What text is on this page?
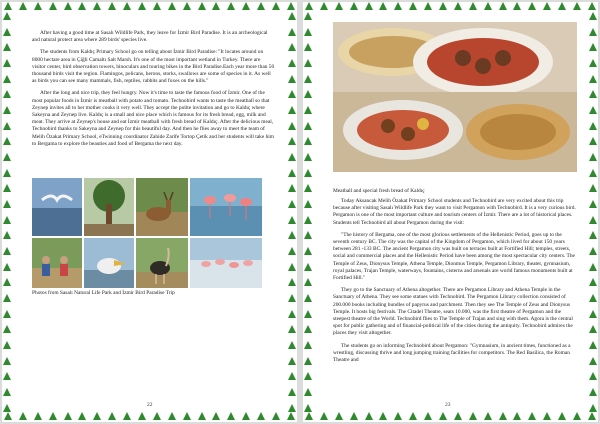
After having a good time at Sasalı Wildlife Park, they leave for İzmir Bird Paradise. It is an archeological and natural protect area where 289 birds' species live.

The students from Kaldıç Primary School go on telling about İzmir Bird Paradise: "It locates around on 8000 hectare area in Çiğli Camaltı Salt Marsh. It's one of the most important wetland in Turkey. There are visitor center, bird observation towers, binoculars and touring bikes in the Bird Paradise.Each year more than 50 thousand birds visit the region. Flamingos, pelicans, herons, storks, swallows are some of species in it. As well as birds you can see many mammals, fish, reptiles, rabbits and foxes on the hills."

After the long and nice trip, they feel hungry. Now it's time to taste the famous food of İzmir. One of the most popular foods in İzmir is meatball with potato and tomato. Technobird wants to taste the meatball so that Zeynep invites all to her mother cooks it very well. They accept the polite invitation and go to Kaldıç where Sakeyna and Zeynep live. Kaldıç is a small and nice place which is famous for its fresh bread, egg, milk and meat. They arrive at Zeynep's house and eat İzmir meatball with fresh bread of Kaldıç. After the delicious meal, Technobird thanks to Sakeyna and Zeynep for this beautiful day. And then he flies away to meet the team of Melih Özakat Primary School, eTwinning coordinator Zahide Zarife Tortop Çetik and her students will take him to Bergama to explore the beauties and food of Bergama the next day.

Photos from Sasalı Natural Life Park and İzmir Bird Paradise Trip
22
Meatball and special fresh bread of Kaldıç

Today Aksancak Melih Özakat Primary School students and Technobird are very excited about this trip because after visiting Sasalı Wildlife Park they want to visit Pergamon with Technobird. It is a very curious bird. Pergamon is one of the most important culture and tourism centers of İzmir. There are a lot of historical places. Students tell Technobird all about Pergamon during the visit:

"The history of Bergama, one of the most glorious settlements of the Hellenistic Period, goes up to the seventh century BC. The city was the capital of the Kingdom of Pergamon, which lived for about 150 years between 281 -133 BC. The ancient Pergamon city was built on terraces built at Fortified Hill; temples, streets, social and commercial places and the Hellenistic Period have been among the most spectacular city centers. The Temple of Zeus, Dionysus Temple, Athena Temple, Dionmus Temple, Pergamon Library, theater, gymnasium, royal palaces, Trajan Temple, waterways, fountains, cisterns and arsenals are world famous monuments built at Fortified Hill."

They go to the Sanctuary of Athena altogether. There are Pergamon Library and Athena Temple in the Sanctuary of Athena. They see some statues with Technobird. The Pergamon Library collection consisted of 200.000 books including bundles of papyrus and parchment. Then they see The Temple of Zeus and Dionysus Temple. It hosts big festivals. The Citadel Theatre, seats 10.000, was the first theatre of Pergamon and the steepest theatre of the World. Technobird flies to The Temple of Trajan and sing with them. Agora is the central spot for public gathering and of financial-political life of the cities during the antiquity. Technobird admires the places they visit altogether.

The students go on informing Technobird about Pergamon: "Gymnasium, in ancient times, functioned as a wrestling, discussing thrive and long jumping training facilities for competitors. The Red Basilica, the Roman Theatre and

23
